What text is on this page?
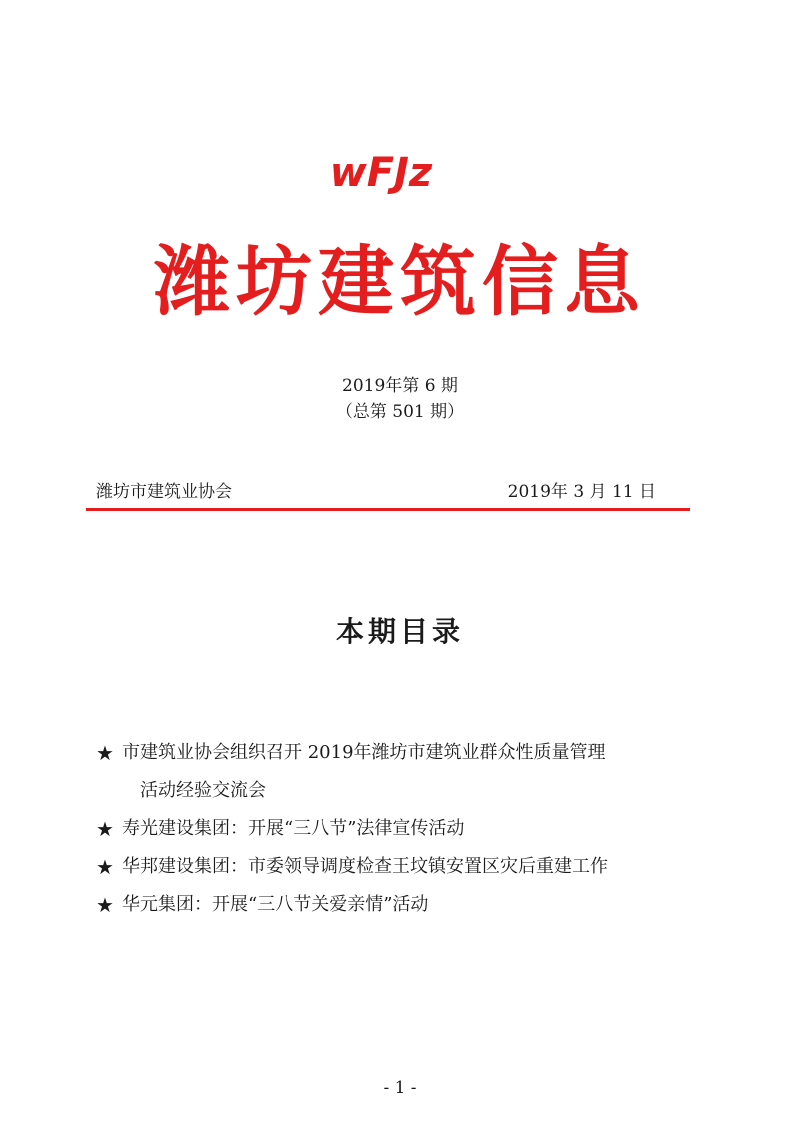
wFJz
潍坊建筑信息
2019年第 6 期
（总第 501 期）
潍坊市建筑业协会	2019年 3 月 11 日
本期目录
★ 市建筑业协会组织召开 2019年潍坊市建筑业群众性质量管理
活动经验交流会
★ 寿光建设集团：开展“三八节”法律宣传活动
★ 华邦建设集团：市委领导调度检查王坟镇安置区灾后重建工作
★ 华元集团：开展“三八节关爱亲情”活动
- 1 -
